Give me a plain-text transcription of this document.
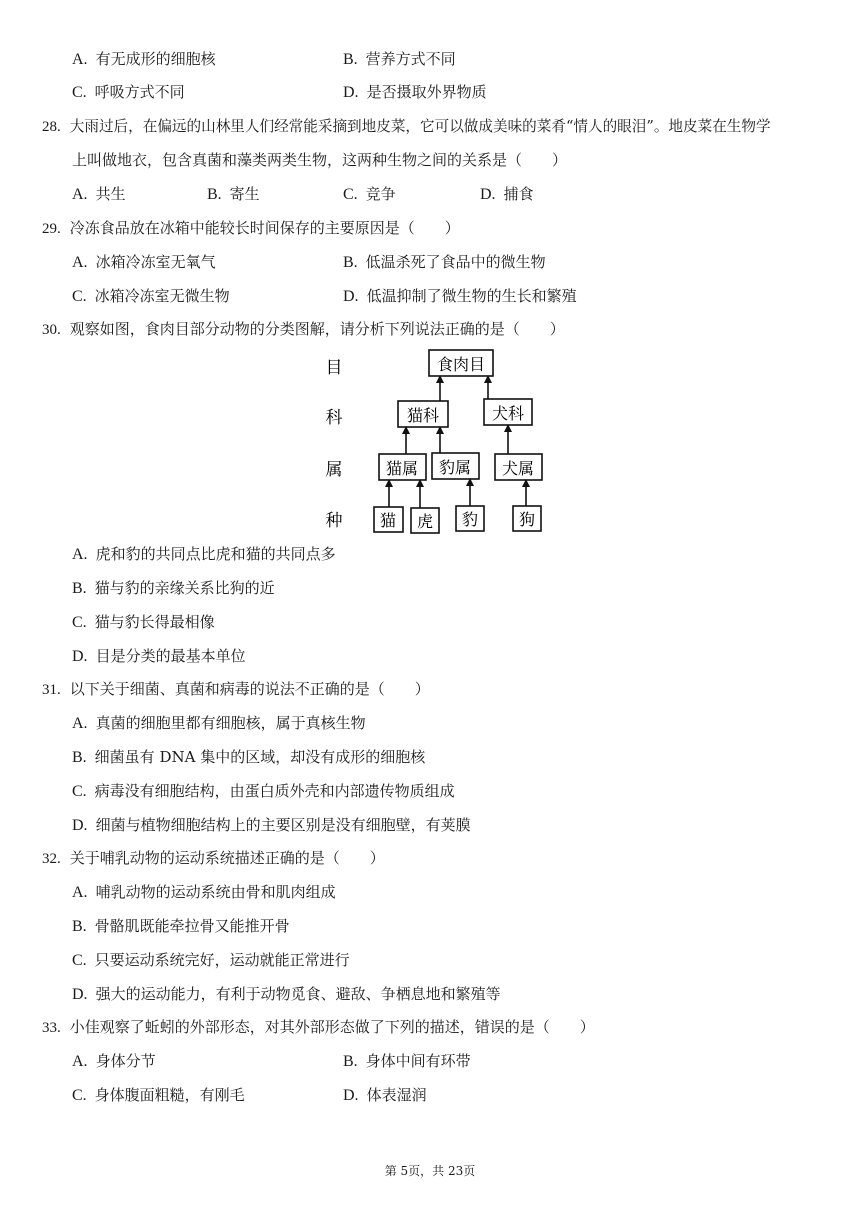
A. 有无成形的细胞核	B. 营养方式不同
C. 呼吸方式不同	D. 是否摄取外界物质
28. 大雨过后，在偏远的山林里人们经常能采摘到地皮菜，它可以做成美味的菜肴“情人的眼泪”。地皮菜在生物学
上叫做地衣，包含真菌和藻类两类生物，这两种生物之间的关系是（　　）
A. 共生	B. 寄生	C. 竞争	D. 捕食
29. 冷冻食品放在冰箱中能较长时间保存的主要原因是（　　）
A. 冰箱冷冻室无氧气	B. 低温杀死了食品中的微生物
C. 冰箱冷冻室无微生物	D. 低温抑制了微生物的生长和繁殖
30. 观察如图，食肉目部分动物的分类图解，请分析下列说法正确的是（　　）
目
科
属
种
食肉目
猫科	犬科
猫属 豹属 犬属
猫 虎 豹	狗
A. 虎和豹的共同点比虎和猫的共同点多
B. 猫与豹的亲缘关系比狗的近
C. 猫与豹长得最相像
D. 目是分类的最基本单位
31. 以下关于细菌、真菌和病毒的说法不正确的是（　　）
A. 真菌的细胞里都有细胞核，属于真核生物
B. 细菌虽有 DNA 集中的区域，却没有成形的细胞核
C. 病毒没有细胞结构，由蛋白质外壳和内部遗传物质组成
D. 细菌与植物细胞结构上的主要区别是没有细胞壁，有荚膜
32. 关于哺乳动物的运动系统描述正确的是（　　）
A. 哺乳动物的运动系统由骨和肌肉组成
B. 骨骼肌既能牵拉骨又能推开骨
C. 只要运动系统完好，运动就能正常进行
D. 强大的运动能力，有利于动物觅食、避敌、争栖息地和繁殖等
33. 小佳观察了蚯蚓的外部形态，对其外部形态做了下列的描述，错误的是（　　）
A. 身体分节	B. 身体中间有环带
C. 身体腹面粗糙，有刚毛	D. 体表湿润
第 5页，共 23页
